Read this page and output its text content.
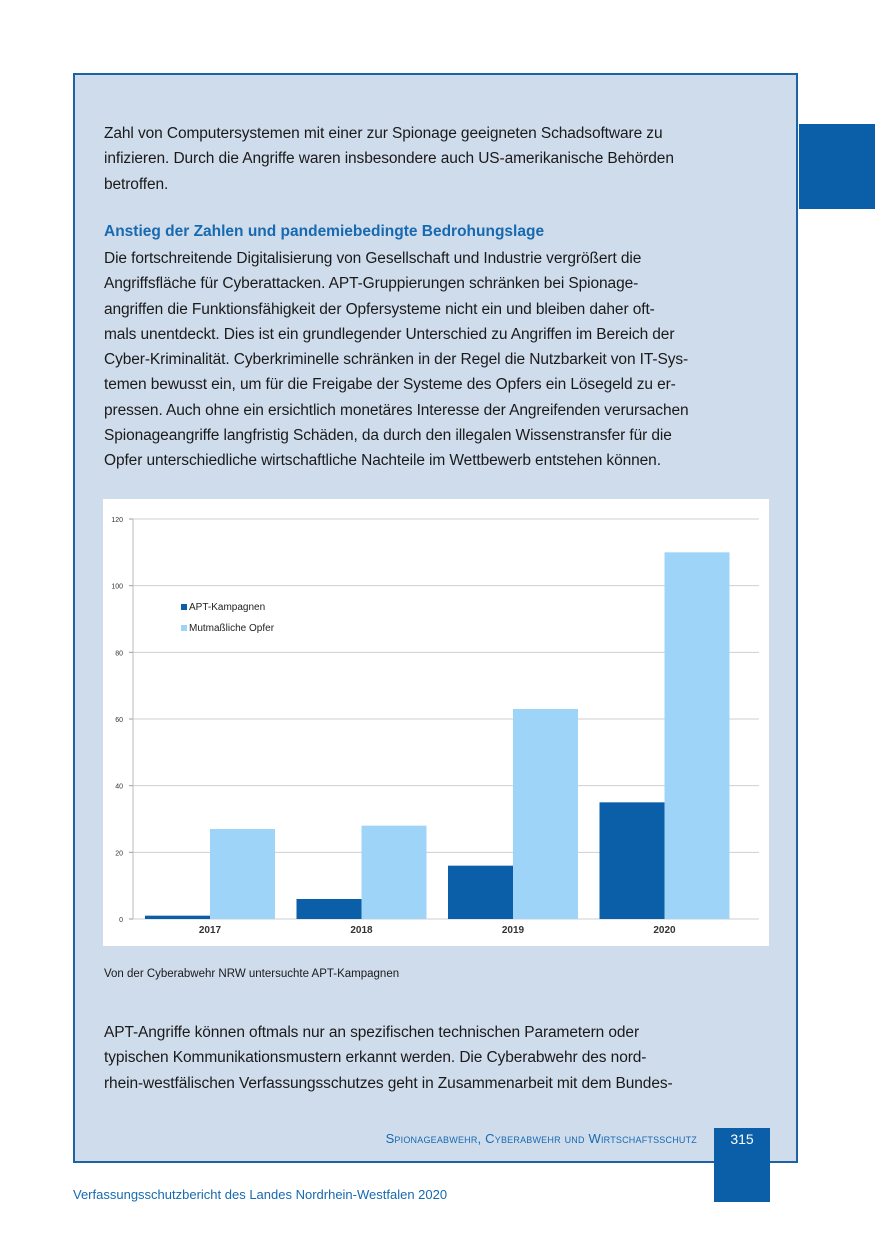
Zahl von Computersystemen mit einer zur Spionage geeigneten Schadsoftware zu
infizieren. Durch die Angriffe waren insbesondere auch US-amerikanische Behörden
betroffen.
Anstieg der Zahlen und pandemiebedingte Bedrohungslage
Die fortschreitende Digitalisierung von Gesellschaft und Industrie vergrößert die
Angriffsfläche für Cyberattacken. APT-Gruppierungen schränken bei Spionage-
angriffen die Funktionsfähigkeit der Opfersysteme nicht ein und bleiben daher oft-
mals unentdeckt. Dies ist ein grundlegender Unterschied zu Angriffen im Bereich der
Cyber-Kriminalität. Cyberkriminelle schränken in der Regel die Nutzbarkeit von IT-Sys-
temen bewusst ein, um für die Freigabe der Systeme des Opfers ein Lösegeld zu er-
pressen. Auch ohne ein ersichtlich monetäres Interesse der Angreifenden verursachen
Spionageangriffe langfristig Schäden, da durch den illegalen Wissenstransfer für die
Opfer unterschiedliche wirtschaftliche Nachteile im Wettbewerb entstehen können.
0
20
40
60
80
100
120
2017	2018	2019	2020
APT-Kampagnen
Mutmaßliche Opfer
Von der Cyberabwehr NRW untersuchte APT-Kampagnen
APT-Angriffe können oftmals nur an spezifischen technischen Parametern oder
typischen Kommunikationsmustern erkannt werden. Die Cyberabwehr des nord-
rhein-westfälischen Verfassungsschutzes geht in Zusammenarbeit mit dem Bundes-
Spionageabwehr, Cyberabwehr und Wirtschaftsschutz	315
Verfassungsschutzbericht des Landes Nordrhein-Westfalen 2020
